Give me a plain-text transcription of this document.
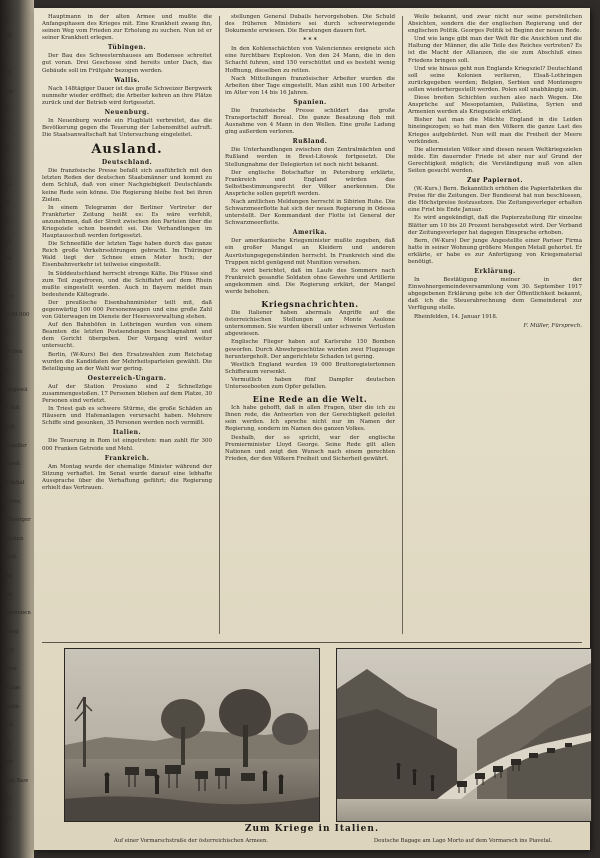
ihr
Sch
in
ern
ndw
Un
orr
Ap
ld
che
die
äh
inh
hes
G
Bett
1 150 000
en
auf den
en
reingewä
ist mit
wird.
Einkeller
tenseh
en Inhal
Fahrer,
n flüssiger
Zutaten
g gut.
ußg
eier
hpersonen
inweg
1. W
scher
e Lage
gtrieb-
g, A.
Fla
und
Frau Baw
uto
Mo

Hauptmann in der alten Armee und mußte die Anfangsphasen des Krieges mit. Eine Krankheit zwang ihn, seinen Weg vom Frieden zur Erholung zu suchen. Nun ist er seiner Krankheit erlegen.

Tübingen.

Der Bau des Schwesternhauses am Bodensee schreitet gut voran. Drei Geschosse sind bereits unter Dach, das Gebäude soll im Frühjahr bezogen werden.

Wallis.

Nach 148tägiger Dauer ist das große Schweizer Bergwerk nunmehr wieder eröffnet; die Arbeiter kehren an ihre Plätze zurück und der Betrieb wird fortgesetzt.

Neuenburg.

In Neuenburg wurde ein Flugblatt verbreitet, das die Bevölkerung gegen die Teuerung der Lebensmittel aufruft. Die Staatsanwaltschaft hat Untersuchung eingeleitet.

Ausland.
Deutschland.

Die französische Presse befaßt sich ausführlich mit den letzten Reden der deutschen Staatsmänner und kommt zu dem Schluß, daß von einer Nachgiebigkeit Deutschlands keine Rede sein könne. Die Regierung bleibe fest bei ihren Zielen.

In einem Telegramm der Berliner Vertreter der Frankfurter Zeitung heißt es: Es wäre verfehlt, anzunehmen, daß der Streit zwischen den Parteien über die Kriegsziele schon beendet sei. Die Verhandlungen im Hauptausschuß werden fortgesetzt.

Die Schneefälle der letzten Tage haben durch das ganze Reich große Verkehrsstörungen gebracht. Im Thüringer Wald liegt der Schnee einen Meter hoch; der Eisenbahnverkehr ist teilweise eingestellt.

In Süddeutschland herrscht strenge Kälte. Die Flüsse sind zum Teil zugefroren, und die Schiffahrt auf dem Rhein mußte eingestellt werden. Auch in Bayern meldet man bedeutende Kältegrade.

Der preußische Eisenbahnminister teilt mit, daß gegenwärtig 100 000 Personenwagen und eine große Zahl von Güterwagen im Dienste der Heeresverwaltung stehen.

Auf den Bahnhöfen in Lothringen wurden von einem Beamten die letzten Postsendungen beschlagnahmt und dem Gericht übergeben. Der Vorgang wird weiter untersucht.

Berlin, (W-Kurs) Bei den Ersatzwahlen zum Reichstag wurden die Kandidaten der Mehrheitsparteien gewählt. Die Beteiligung an der Wahl war gering.

Oesterreich-Ungarn.

Auf der Station Prosiano sind 2 Schnellzüge zusammengestoßen. 17 Personen blieben auf dem Platze, 30 Personen sind verletzt.

In Triest gab es schwere Stürme, die große Schäden an Häusern und Hafenanlagen verursacht haben. Mehrere Schiffe sind gesunken, 35 Personen werden noch vermißt.

Italien.

Die Teuerung in Rom ist eingetreten: man zahlt für 300 000 Franken Getreide und Mehl.

Frankreich.

Am Montag wurde der ehemalige Minister während der Sitzung verhaftet. Im Senat wurde darauf eine lebhafte Aussprache über die Verhaftung geführt; die Regierung erhielt das Vertrauen.

stellungen General Dubails hervorgehoben. Die Schuld des früheren Ministers sei durch schwerwiegende Dokumente erwiesen. Die Beratungen dauern fort.

* * *

In den Kohlenschächten von Valenciennes ereignete sich eine furchtbare Explosion. Von den 24 Mann, die in den Schacht fuhren, sind 150 verschüttet und es besteht wenig Hoffnung, dieselben zu retten.

Nach Mitteilungen französischer Arbeiter wurden die Arbeiten über Tage eingestellt. Man zählt nun 100 Arbeiter im Alter von 14 bis 16 Jahren.

Spanien.

Die französische Presse schildert das große Transportschiff Boreal. Die ganze Besatzung floh mit Ausnahme von 4 Mann in den Wellen. Eine große Ladung ging außerdem verloren.

Rußland.

Die Unterhandlungen zwischen den Zentralmächten und Rußland werden in Brest-Litowsk fortgesetzt. Die Stellungnahme der Delegierten ist noch nicht bekannt.

Der englische Botschafter in Petersburg erklärte, Frankreich und England würden das Selbstbestimmungsrecht der Völker anerkennen. Die Ansprüche sollen geprüft werden.

Nach amtlichen Meldungen herrscht in Sibirien Ruhe. Die Schwarzmeerflotte hat sich der neuen Regierung in Odessa unterstellt. Der Kommandant der Flotte ist General der Schwarzmeerflotte.

Amerika.

Der amerikanische Kriegsminister mußte zugeben, daß ein großer Mangel an Kleidern und anderen Ausrüstungsgegenständen herrscht. In Frankreich sind die Truppen nicht genügend mit Munition versehen.

Es wird berichtet, daß im Laufe des Sommers nach Frankreich gesandte Soldaten ohne Gewehre und Artillerie angekommen sind. Die Regierung erklärt, der Mangel werde behoben.

Kriegsnachrichten.

Die Italiener haben abermals Angriffe auf die österreichischen Stellungen am Monte Asolone unternommen. Sie wurden überall unter schweren Verlusten abgewiesen.

Englische Flieger haben auf Karlsruhe 150 Bomben geworfen. Durch Abwehrgeschütze wurden zwei Flugzeuge heruntergeholt. Der angerichtete Schaden ist gering.

Westlich England wurden 19 000 Bruttoregistertonnen Schiffsraum versenkt.

Vermutlich haben fünf Dampfer deutschen Unterseebooten zum Opfer gefallen.

Eine Rede an die Welt.

Ich habe gehofft, daß in allen Fragen, über die ich zu Ihnen rede, die Antworten von der Gerechtigkeit geleitet sein werden. Ich spreche nicht nur im Namen der Regierung, sondern im Namen des ganzen Volkes.

Deshalb, der so spricht, war der englische Premierminister Lloyd George. Seine Rede gilt allen Nationen und zeigt den Wunsch nach einem gerechten Frieden, der den Völkern Freiheit und Sicherheit gewährt.

Weile bekannt, und zwar nicht nur seine persönlichen Absichten, sondern die der englischen Regierung und der englischen Politik. Georges Politik ist Beginn der neuen Rede.

Und wie lange gibt man der Welt für die Ansichten und die Haltung der Männer, die alle Teile des Reiches vertreten? Es ist die Macht der Allianzen, die sie zum Abschluß eines Friedens bringen soll.

Und wie hinaus geht nun Englands Kriegsziel? Deutschland soll seine Kolonien verlieren, Elsaß-Lothringen zurückgegeben werden; Belgien, Serbien und Montenegro sollen wiederhergestellt werden. Polen soll unabhängig sein.

Diese breiten Schichten suchen also nach Wegen. Die Ansprüche auf Mesopotamien, Palästina, Syrien und Armenien werden als Kriegsziele erklärt.

Bisher hat man die Mächte England in die Leiden hineingezogen; so hat man den Völkern die ganze Last des Krieges aufgebürdet. Nun will man die Freiheit der Meere verkünden.

Die allermeisten Völker sind diesen neuen Weltkriegszielen müde. Ein dauernder Friede ist aber nur auf Grund der Gerechtigkeit möglich; die Verständigung muß von allen Seiten gesucht werden.

Zur Papiernot.

(W.-Kurs.) Bern. Bekanntlich erhöhen die Papierfabriken die Preise für die Zeitungen. Der Bundesrat hat nun beschlossen, die Höchstpreise festzusetzen. Die Zeitungsverleger erhalten eine Frist bis Ende Januar.

Es wird angekündigt, daß die Papierzuteilung für einzelne Blätter um 10 bis 20 Prozent herabgesetzt wird. Der Verband der Zeitungsverleger hat dagegen Einsprache erhoben.

Bern, (W-Kurs) Der junge Angestellte einer Pariser Firma hatte in seiner Wohnung größere Mengen Metall gehortet. Er erklärte, er habe es zur Anfertigung von Kriegsmaterial benötigt.

Erklärung.

In Bestätigung meiner in der Einwohnergemeindeversammlung vom 30. September 1917 abgegebenen Erklärung gebe ich der Öffentlichkeit bekannt, daß ich die Steuerabrechnung dem Gemeinderat zur Verfügung stelle.

Rheinfelden, 14. Januar 1918.

F. Müller, Fürsprech.
Zum Kriege in Italien.
Auf einer Vormarschstraße der österreichischen Armeen.	Deutsche Bagage am Lago Morto auf dem Vormarsch ins Piavetal.
